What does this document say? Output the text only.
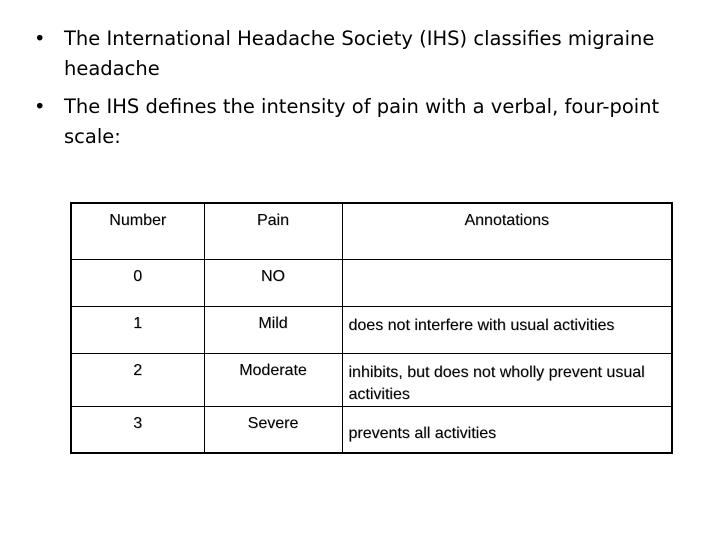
• The International Headache Society (IHS) classifies migraine headache
• The IHS defines the intensity of pain with a verbal, four-point scale:
Number	Pain	Annotations
0	NO	
1	Mild	does not interfere with usual activities
2	Moderate	inhibits, but does not wholly prevent usual activities
3	Severe	prevents all activities
